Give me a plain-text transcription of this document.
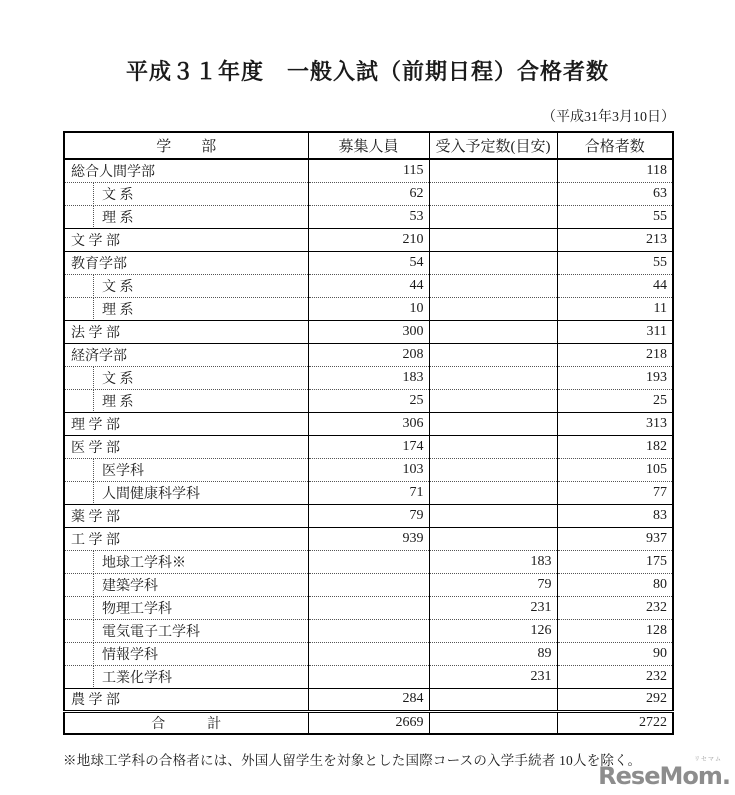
平成３１年度　一般入試（前期日程）合格者数
（平成31年3月10日）
学　　部	募集人員	受入予定数(目安)	合格者数
総合人間学部	115		118
文 系	62		63
理 系	53		55
文 学 部	210		213
教育学部	54		55
文 系	44		44
理 系	10		11
法 学 部	300		311
経済学部	208		218
文 系	183		193
理 系	25		25
理 学 部	306		313
医 学 部	174		182
医学科	103		105
人間健康科学科	71		77
薬 学 部	79		83
工 学 部	939		937
地球工学科※		183	175
建築学科		79	80
物理工学科		231	232
電気電子工学科		126	128
情報学科		89	90
工業化学科		231	232
農 学 部	284		292
合　　　計	2669		2722
※地球工学科の合格者には、外国人留学生を対象とした国際コースの入学手続者 10人を除く。	リセマム
ReseMom.
